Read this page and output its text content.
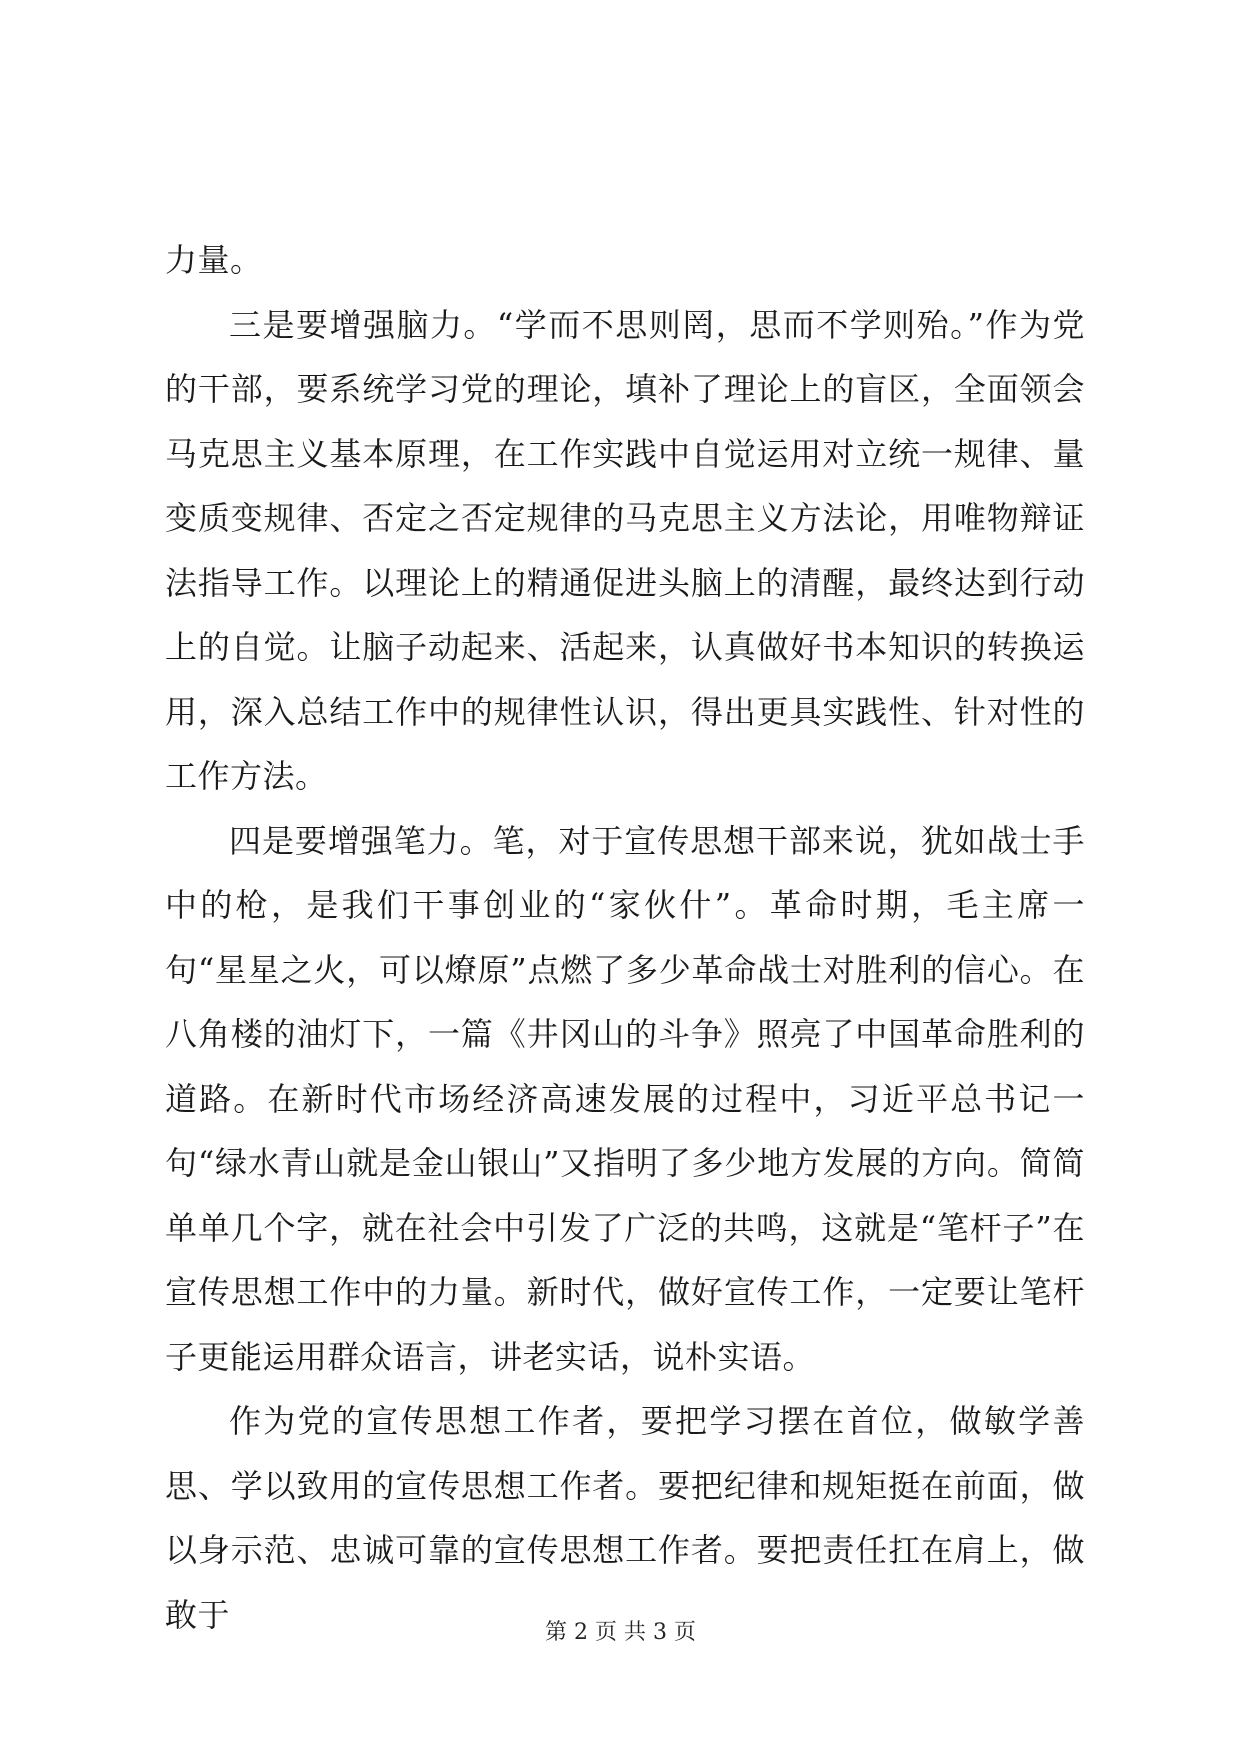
力量。

三是要增强脑力。“学而不思则罔，思而不学则殆。”作为党的干部，要系统学习党的理论，填补了理论上的盲区，全面领会马克思主义基本原理，在工作实践中自觉运用对立统一规律、量变质变规律、否定之否定规律的马克思主义方法论，用唯物辩证法指导工作。以理论上的精通促进头脑上的清醒，最终达到行动上的自觉。让脑子动起来、活起来，认真做好书本知识的转换运用，深入总结工作中的规律性认识，得出更具实践性、针对性的工作方法。

四是要增强笔力。笔，对于宣传思想干部来说，犹如战士手中的枪，是我们干事创业的“家伙什”。革命时期，毛主席一句“星星之火，可以燎原”点燃了多少革命战士对胜利的信心。在八角楼的油灯下，一篇《井冈山的斗争》照亮了中国革命胜利的道路。在新时代市场经济高速发展的过程中，习近平总书记一句“绿水青山就是金山银山”又指明了多少地方发展的方向。简简单单几个字，就在社会中引发了广泛的共鸣，这就是“笔杆子”在宣传思想工作中的力量。新时代，做好宣传工作，一定要让笔杆子更能运用群众语言，讲老实话，说朴实语。

作为党的宣传思想工作者，要把学习摆在首位，做敏学善思、学以致用的宣传思想工作者。要把纪律和规矩挺在前面，做以身示范、忠诚可靠的宣传思想工作者。要把责任扛在肩上，做敢于	第 2 页 共 3 页
